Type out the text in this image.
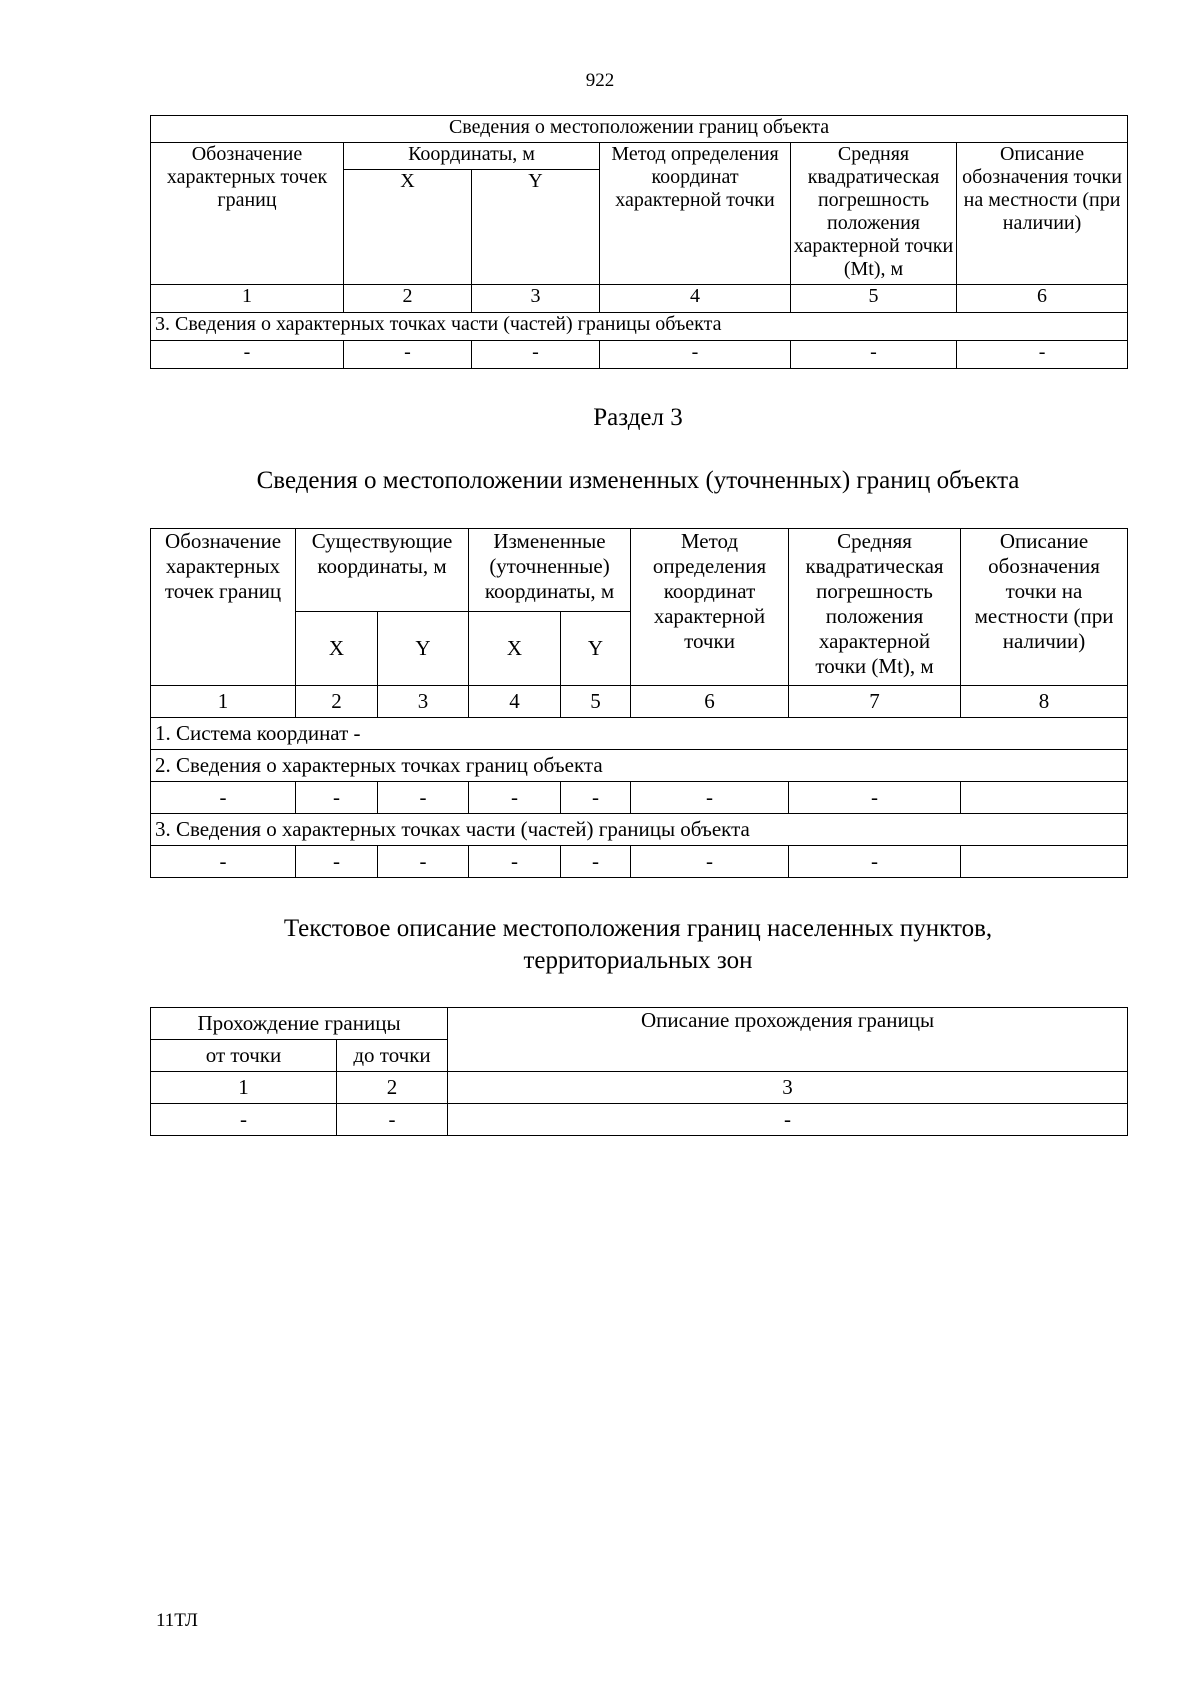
922
Сведения о местоположении границ объекта					
Обозначение характерных точек границ	Координаты, м		Метод определения координат характерной точки	Средняя квадратическая погрешность положения характерной точки (Mt), м	Описание обозначения точки на местности (при наличии)
	X	Y			
1	2	3	4	5	6
3. Сведения о характерных точках части (частей) границы объекта					
-	-	-	-	-	-
Раздел 3
Сведения о местоположении измененных (уточненных) границ объекта
Обозначение характерных точек границ	Существующие координаты, м		Измененные (уточненные) координаты, м		Метод определения координат характерной точки	Средняя квадратическая погрешность положения характерной точки (Mt), м	Описание обозначения точки на местности (при наличии)
	X	Y	X	Y			
1	2	3	4	5	6	7	8
1. Система координат -							
2. Сведения о характерных точках границ объекта							
-	-	-	-	-	-	-	
3. Сведения о характерных точках части (частей) границы объекта							
-	-	-	-	-	-	-	
Текстовое описание местоположения границ населенных пунктов,
территориальных зон
Прохождение границы		Описание прохождения границы
от точки	до точки	
1	2	3
-	-	-
11ТЛ
